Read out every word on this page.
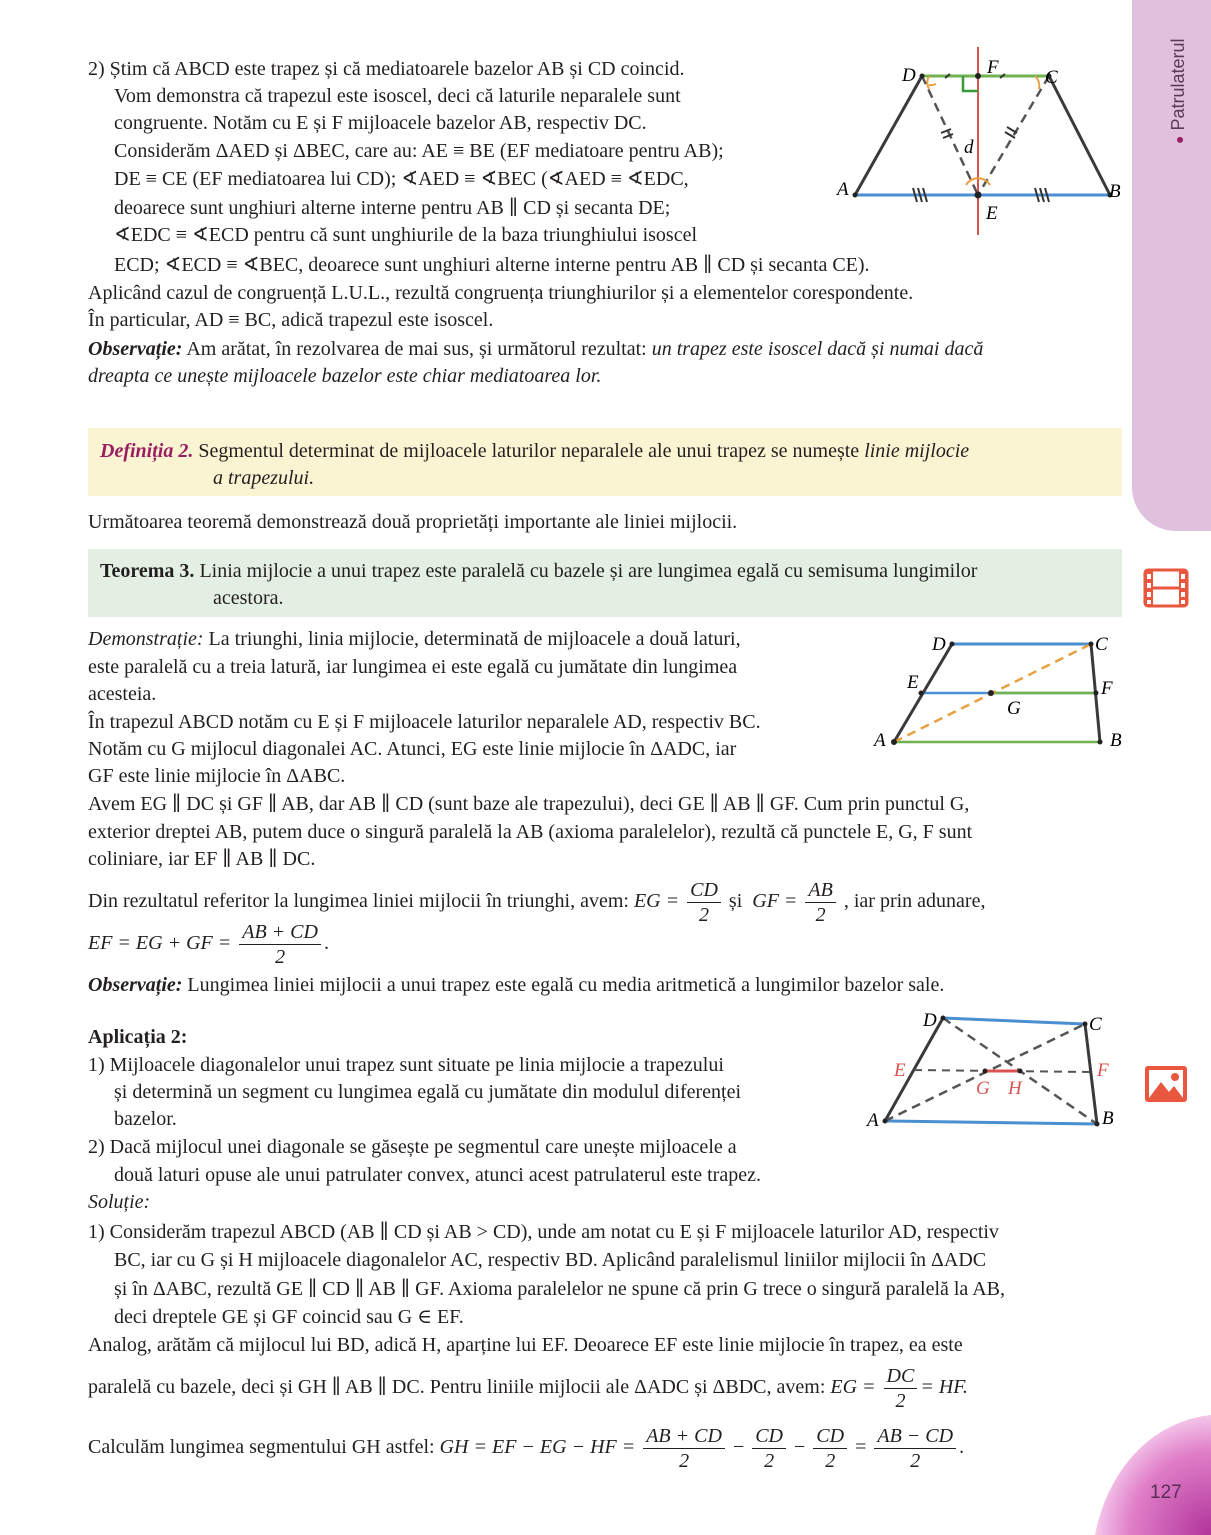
● Patrulaterul
D	F C
A	B
E
d
2) Știm că ABCD este trapez și că mediatoarele bazelor AB și CD coincid.
Vom demonstra că trapezul este isoscel, deci că laturile neparalele sunt
congruente. Notăm cu E și F mijloacele bazelor AB, respectiv DC.
Considerăm ΔAED și ΔBEC, care au: AE ≡ BE (EF mediatoare pentru AB);
DE ≡ CE (EF mediatoarea lui CD); ∢AED ≡ ∢BEC (∢AED ≡ ∢EDC,
deoarece sunt unghiuri alterne interne pentru AB ∥ CD și secanta DE;
∢EDC ≡ ∢ECD pentru că sunt unghiurile de la baza triunghiului isoscel
ECD; ∢ECD ≡ ∢BEC, deoarece sunt unghiuri alterne interne pentru AB ∥ CD și secanta CE).
Aplicând cazul de congruență L.U.L., rezultă congruența triunghiurilor și a elementelor corespondente.
În particular, AD ≡ BC, adică trapezul este isoscel.
Observație: Am arătat, în rezolvarea de mai sus, și următorul rezultat: un trapez este isoscel dacă și numai dacă
dreapta ce unește mijloacele bazelor este chiar mediatoarea lor.
Definiția 2. Segmentul determinat de mijloacele laturilor neparalele ale unui trapez se numește linie mijlocie
a trapezului.
Următoarea teoremă demonstrează două proprietăți importante ale liniei mijlocii.
Teorema 3. Linia mijlocie a unui trapez este paralelă cu bazele și are lungimea egală cu semisuma lungimilor
acestora.
D	C
E	F
G
A	B
Demonstrație: La triunghi, linia mijlocie, determinată de mijloacele a două laturi,
este paralelă cu a treia latură, iar lungimea ei este egală cu jumătate din lungimea
acesteia.
În trapezul ABCD notăm cu E și F mijloacele laturilor neparalele AD, respectiv BC.
Notăm cu G mijlocul diagonalei AC. Atunci, EG este linie mijlocie în ΔADC, iar
GF este linie mijlocie în ΔABC.
Avem EG ∥ DC și GF ∥ AB, dar AB ∥ CD (sunt baze ale trapezului), deci GE ∥ AB ∥ GF. Cum prin punctul G,
exterior dreptei AB, putem duce o singură paralelă la AB (axioma paralelelor), rezultă că punctele E, G, F sunt
coliniare, iar EF ∥ AB ∥ DC.
Din rezultatul referitor la lungimea liniei mijlocii în triunghi, avem: EG = $\frac{CD}{2}$ și GF = $\frac{AB}{2}$ , iar prin adunare,
EF = EG + GF = $\frac{AB + CD}{2}$ .
Observație: Lungimea liniei mijlocii a unui trapez este egală cu media aritmetică a lungimilor bazelor sale.
D	C
E	F
G H
A	B
Aplicația 2:
1) Mijloacele diagonalelor unui trapez sunt situate pe linia mijlocie a trapezului
și determină un segment cu lungimea egală cu jumătate din modulul diferenței
bazelor.
2) Dacă mijlocul unei diagonale se găsește pe segmentul care unește mijloacele a
două laturi opuse ale unui patrulater convex, atunci acest patrulaterul este trapez.
Soluție:
1) Considerăm trapezul ABCD (AB ∥ CD și AB > CD), unde am notat cu E și F mijloacele laturilor AD, respectiv
BC, iar cu G și H mijloacele diagonalelor AC, respectiv BD. Aplicând paralelismul liniilor mijlocii în ΔADC
și în ΔABC, rezultă GE ∥ CD ∥ AB ∥ GF. Axioma paralelelor ne spune că prin G trece o singură paralelă la AB,
deci dreptele GE și GF coincid sau G ∈ EF.
Analog, arătăm că mijlocul lui BD, adică H, aparține lui EF. Deoarece EF este linie mijlocie în trapez, ea este
paralelă cu bazele, deci și GH ∥ AB ∥ DC. Pentru liniile mijlocii ale ΔADC și ΔBDC, avem: EG = $\frac{DC}{2}$ = HF.
Calculăm lungimea segmentului GH astfel: GH = EF − EG − HF = $\frac{AB + CD}{2} - \frac{CD}{2} - \frac{CD}{2} = \frac{AB - CD}{2}$ .
127
